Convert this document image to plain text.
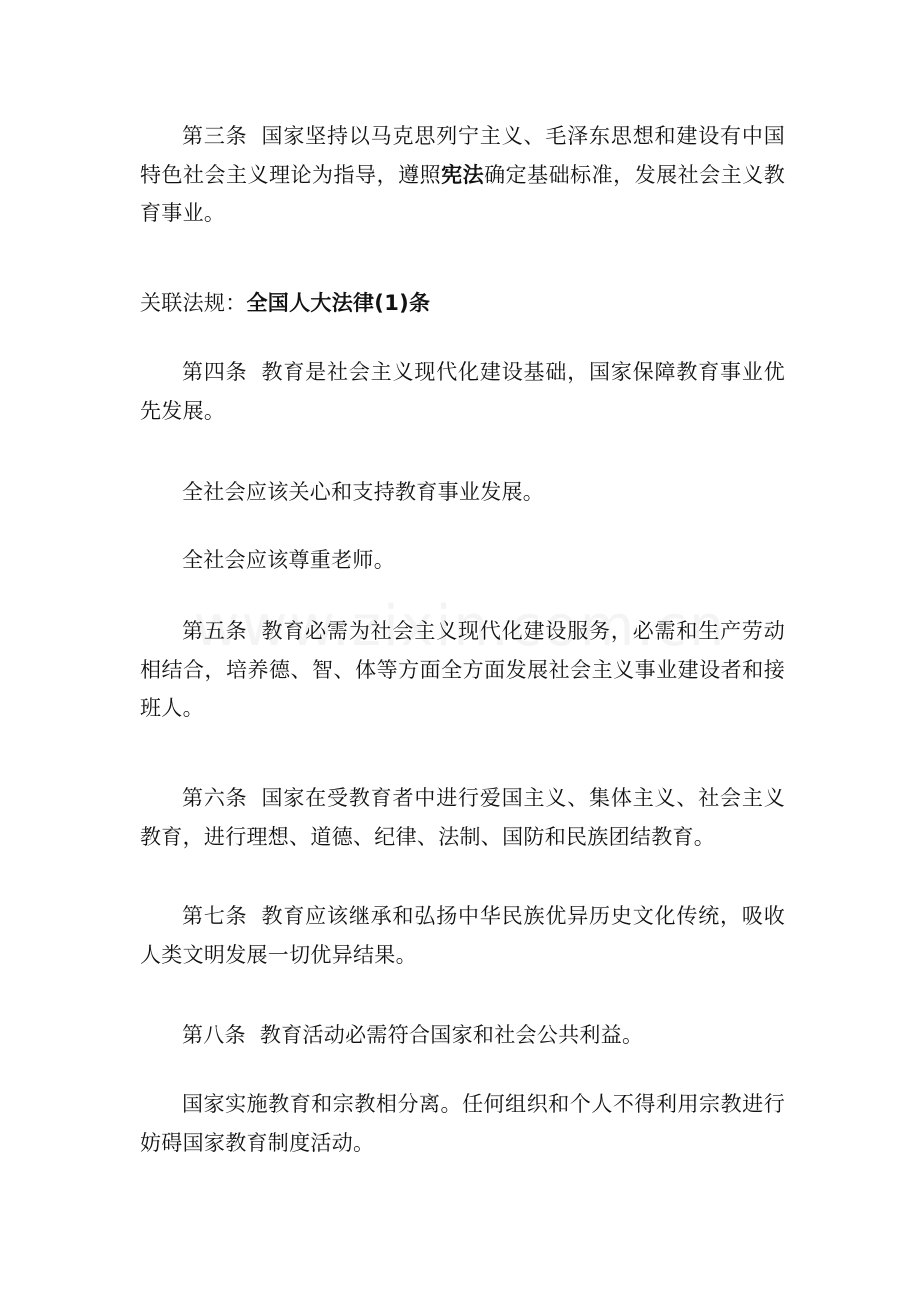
第三条 国家坚持以马克思列宁主义、毛泽东思想和建设有中国特色社会主义理论为指导，遵照宪法确定基础标准，发展社会主义教育事业。

关联法规：全国人大法律(1)条

第四条 教育是社会主义现代化建设基础，国家保障教育事业优先发展。

全社会应该关心和支持教育事业发展。

全社会应该尊重老师。

第五条 教育必需为社会主义现代化建设服务，必需和生产劳动相结合，培养德、智、体等方面全方面发展社会主义事业建设者和接班人。

第六条 国家在受教育者中进行爱国主义、集体主义、社会主义教育，进行理想、道德、纪律、法制、国防和民族团结教育。

第七条 教育应该继承和弘扬中华民族优异历史文化传统，吸收人类文明发展一切优异结果。

第八条 教育活动必需符合国家和社会公共利益。

国家实施教育和宗教相分离。任何组织和个人不得利用宗教进行妨碍国家教育制度活动。
